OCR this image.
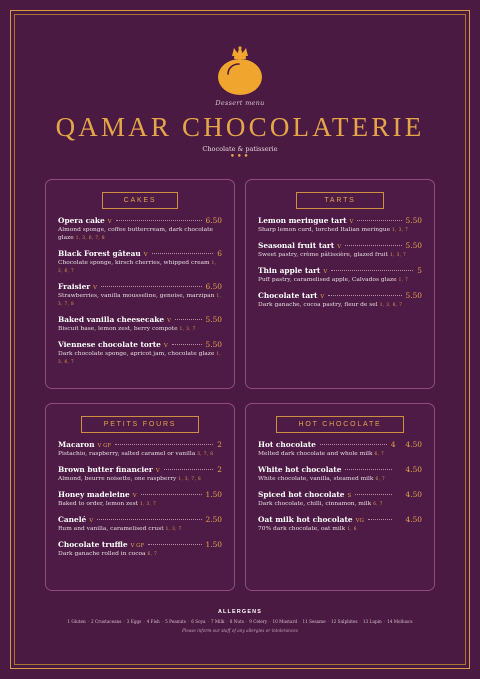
Dessert menu
QAMAR CHOCOLATERIE
Chocolate & patisserie
•••
CAKES
Opera cake V	6.50
Almond sponge, coffee buttercream, dark chocolate glaze 1, 3, 6, 7, 8
Black Forest gâteau V	6
Chocolate sponge, kirsch cherries, whipped cream 1, 3, 6, 7
Fraisier V	6.50
Strawberries, vanilla mousseline, genoise, marzipan 1, 3, 7, 8
Baked vanilla cheesecake V	5.50
Biscuit base, lemon zest, berry compote 1, 3, 7
Viennese chocolate torte V	5.50
Dark chocolate sponge, apricot jam, chocolate glaze 1, 3, 6, 7
TARTS
Lemon meringue tart V	5.50
Sharp lemon curd, torched Italian meringue 1, 3, 7
Seasonal fruit tart V	5.50
Sweet pastry, crème pâtissière, glazed fruit 1, 3, 7
Thin apple tart V	5
Puff pastry, caramelised apple, Calvados glaze 1, 7
Chocolate tart V	5.50
Dark ganache, cocoa pastry, fleur de sel 1, 3, 6, 7
PETITS FOURS
Macaron V GF	2
Pistachio, raspberry, salted caramel or vanilla 3, 7, 8
Brown butter financier V	2
Almond, beurre noisette, one raspberry 1, 3, 7, 8
Honey madeleine V	1.50
Baked to order, lemon zest 1, 3, 7
Canelé V	2.50
Rum and vanilla, caramelised crust 1, 3, 7
Chocolate truffle V GF	1.50
Dark ganache rolled in cocoa 6, 7
HOT CHOCOLATE
Hot chocolate	4 4.50
Melted dark chocolate and whole milk 6, 7
White hot chocolate	4.50
White chocolate, vanilla, steamed milk 6, 7
Spiced hot chocolate S	4.50
Dark chocolate, chilli, cinnamon, milk 6, 7
Oat milk hot chocolate VG	4.50
70% dark chocolate, oat milk 1, 6
ALLERGENS
1 Gluten · 2 Crustaceans · 3 Eggs · 4 Fish · 5 Peanuts · 6 Soya · 7 Milk · 8 Nuts · 9 Celery · 10 Mustard · 11 Sesame · 12 Sulphites · 13 Lupin · 14 Molluscs
Please inform our staff of any allergies or intolerances
